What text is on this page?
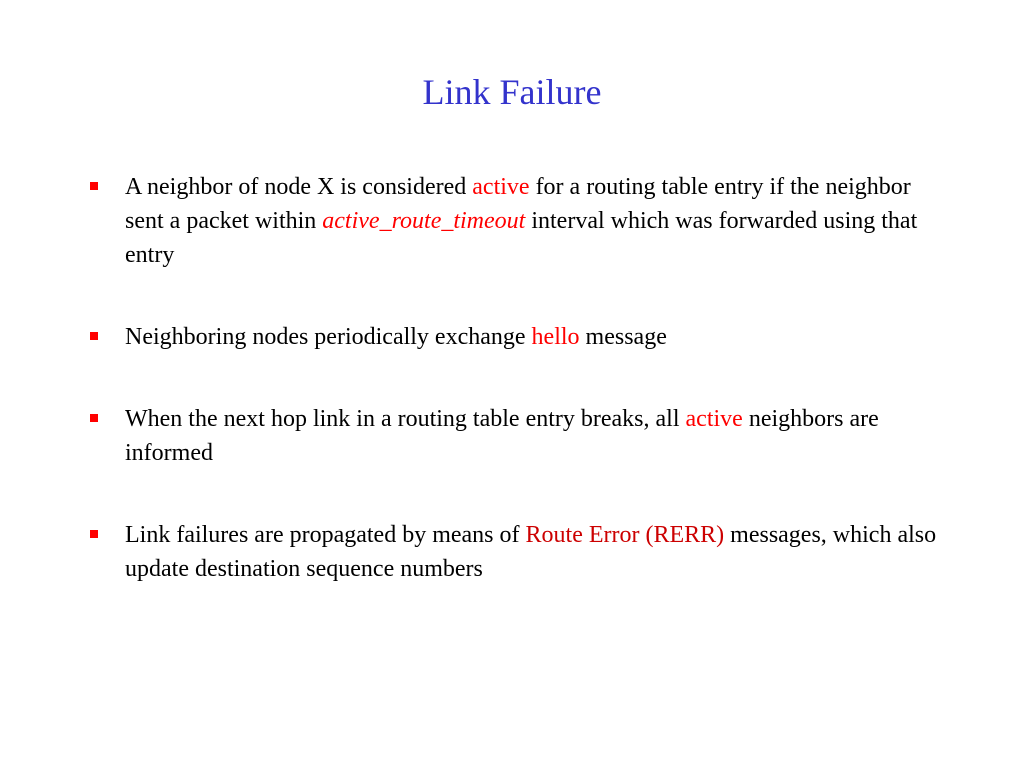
Link Failure
A neighbor of node X is considered active for a routing table entry if the neighbor sent a packet within active_route_timeout interval which was forwarded using that entry
Neighboring nodes periodically exchange hello message
When the next hop link in a routing table entry breaks, all active neighbors are informed
Link failures are propagated by means of Route Error (RERR) messages, which also update destination sequence numbers
